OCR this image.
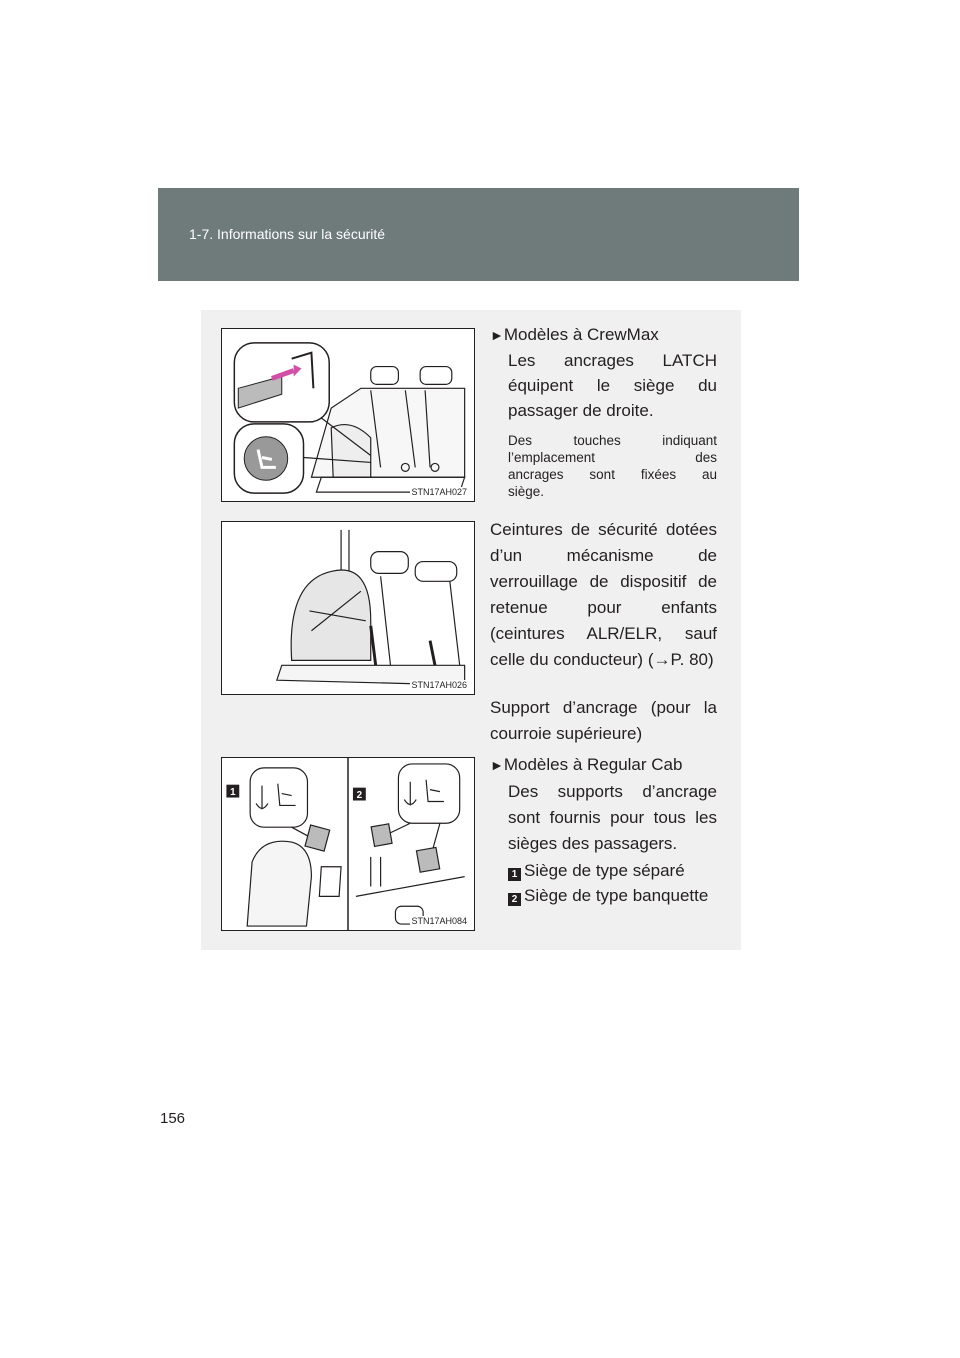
1-7. Informations sur la sécurité
STN17AH027
STN17AH026
1	2
STN17AH084
►Modèles à CrewMax
Les ancrages LATCH
équipent le siège du
passager de droite.
Des touches indiquant
l’emplacement des
ancrages sont fixées au
siège.
Ceintures de sécurité dotées
d’un mécanisme de
verrouillage de dispositif de
retenue pour enfants
(ceintures ALR/ELR, sauf
celle du conducteur) (→P. 80)
Support d’ancrage (pour la
courroie supérieure)
►Modèles à Regular Cab
Des supports d’ancrage
sont fournis pour tous les
sièges des passagers.
1 Siège de type séparé
2 Siège de type banquette
156
